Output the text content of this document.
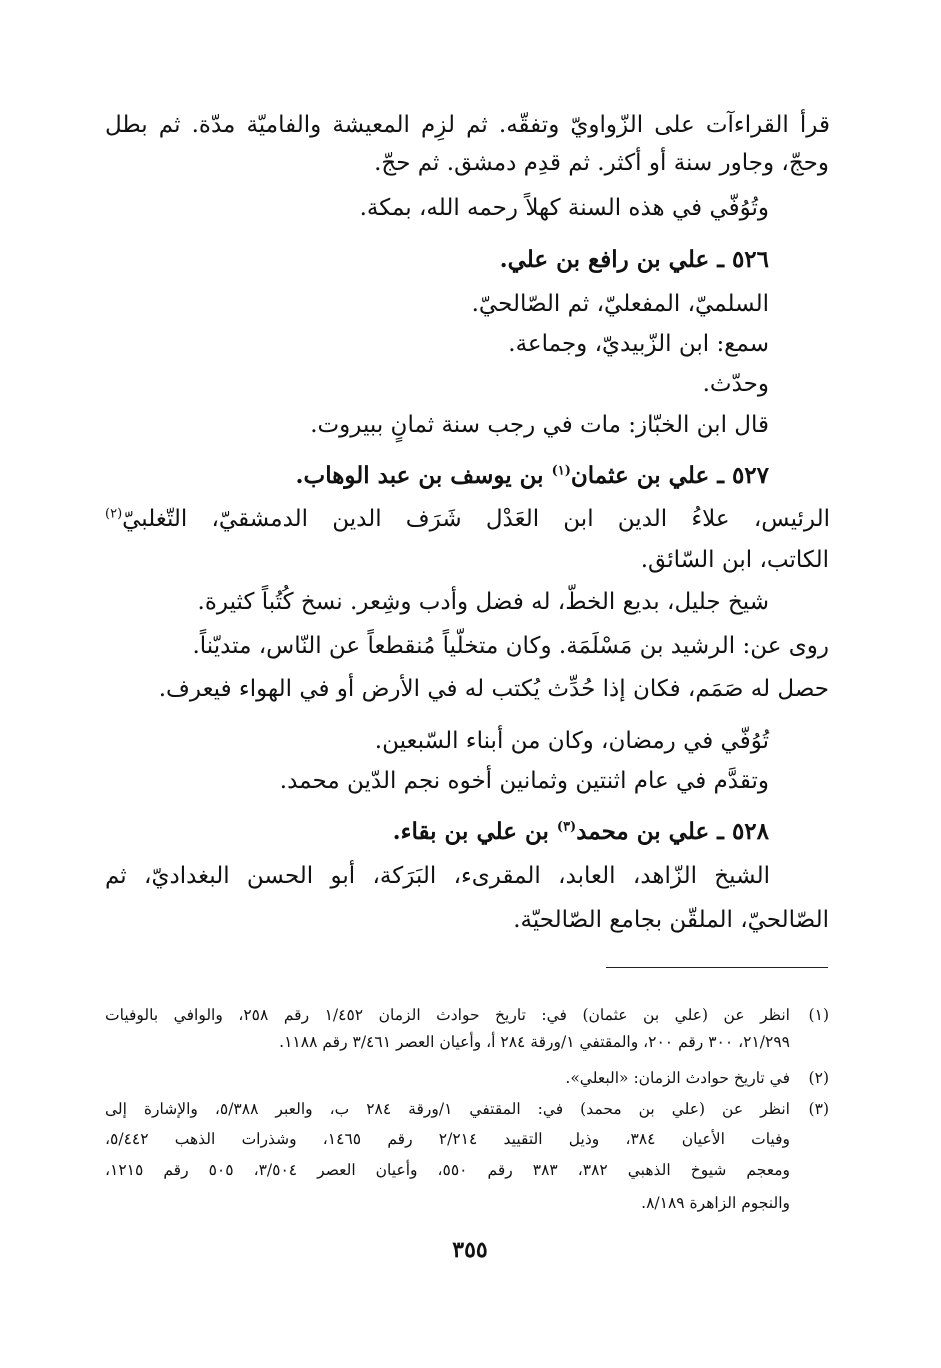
قرأ القراءآت على الزّواويّ وتفقّه. ثم لزِم المعيشة والفاميّة مدّة. ثم بطل
وحجّ، وجاور سنة أو أكثر. ثم قدِم دمشق. ثم حجّ.
وتُوُفّي في هذه السنة كهلاً رحمه الله، بمكة.
٥٢٦ ـ علي بن رافع بن علي.
السلميّ، المفعليّ، ثم الصّالحيّ.
سمع: ابن الزّبيديّ، وجماعة.
وحدّث.
قال ابن الخبّاز: مات في رجب سنة ثمانٍ ببيروت.
٥٢٧ ـ علي بن عثمان$^{(١)}$ بن يوسف بن عبد الوهاب.
الرئيس، علاءُ الدين ابن العَدْل شَرَف الدين الدمشقيّ، التّغلبيّ$^{(٢)}$
الكاتب، ابن السّائق.
شيخ جليل، بديع الخطّ، له فضل وأدب وشِعر. نسخ كُتُباً كثيرة.
روى عن: الرشيد بن مَسْلَمَة. وكان متخلّياً مُنقطعاً عن النّاس، متديّناً.
حصل له صَمَم، فكان إذا حُدِّث يُكتب له في الأرض أو في الهواء فيعرف.
تُوُفّي في رمضان، وكان من أبناء السّبعين.
وتقدَّم في عام اثنتين وثمانين أخوه نجم الدّين محمد.
٥٢٨ ـ علي بن محمد$^{(٣)}$ بن علي بن بقاء.
الشيخ الزّاهد، العابد، المقرىء، البَرَكة، أبو الحسن البغداديّ، ثم
الصّالحيّ، الملقّن بجامع الصّالحيّة.
(١)
انظر عن (علي بن عثمان) في: تاريخ حوادث الزمان ١/٤٥٢ رقم ٢٥٨، والوافي بالوفيات
٢١/٢٩٩، ٣٠٠ رقم ٢٠٠، والمقتفي ١/ورقة ٢٨٤ أ، وأعيان العصر ٣/٤٦١ رقم ١١٨٨.
(٢)
في تاريخ حوادث الزمان: «البعلي».
(٣)
انظر عن (علي بن محمد) في: المقتفي ١/ورقة ٢٨٤ ب، والعبر ٥/٣٨٨، والإشارة إلى
وفيات الأعيان ٣٨٤، وذيل التقييد ٢/٢١٤ رقم ١٤٦٥، وشذرات الذهب ٥/٤٤٢،
ومعجم شيوخ الذهبي ٣٨٢، ٣٨٣ رقم ٥٥٠، وأعيان العصر ٣/٥٠٤، ٥٠٥ رقم ١٢١٥،
والنجوم الزاهرة ٨/١٨٩.
٣٥٥
